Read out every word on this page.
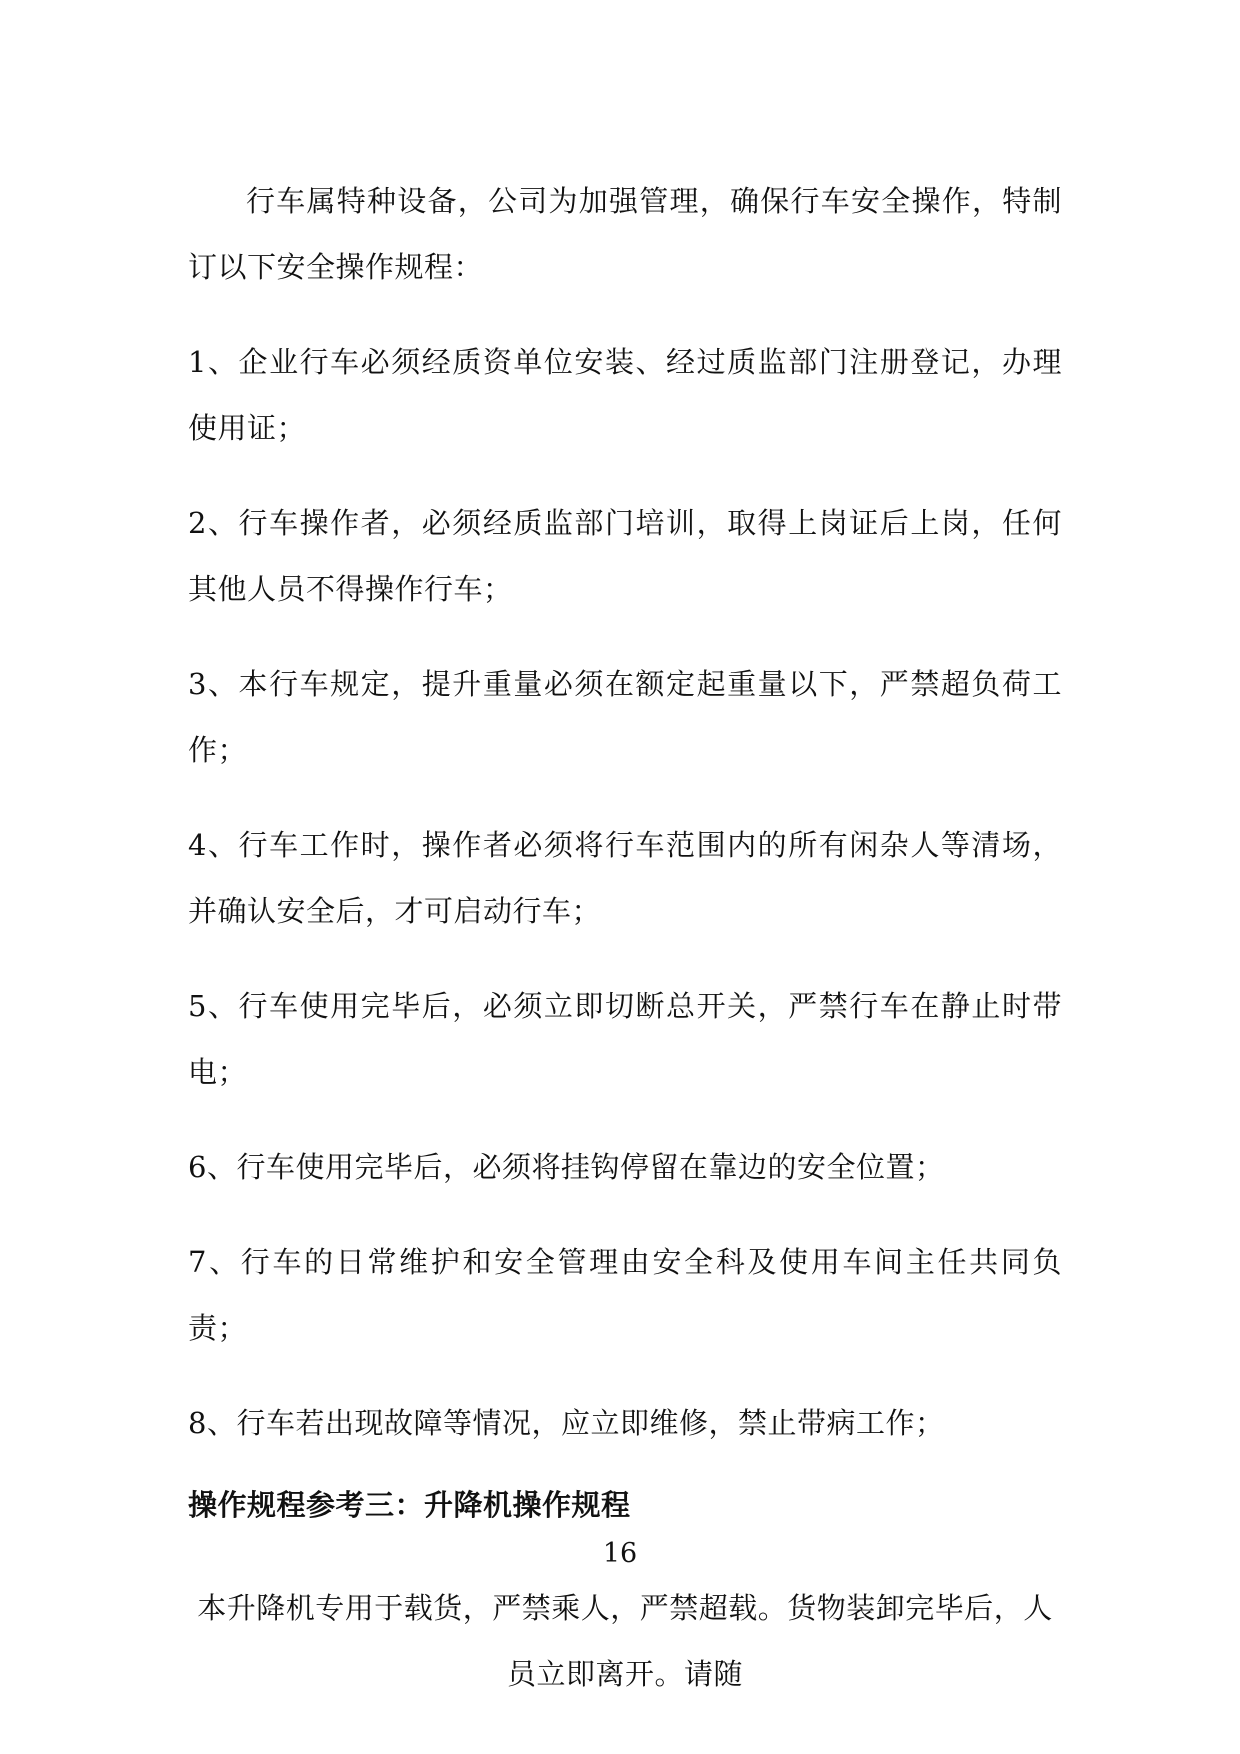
行车属特种设备，公司为加强管理，确保行车安全操作，特制订以下安全操作规程：

1、企业行车必须经质资单位安装、经过质监部门注册登记，办理使用证；

2、行车操作者，必须经质监部门培训，取得上岗证后上岗，任何其他人员不得操作行车；

3、本行车规定，提升重量必须在额定起重量以下，严禁超负荷工作；

4、行车工作时，操作者必须将行车范围内的所有闲杂人等清场，并确认安全后，才可启动行车；

5、行车使用完毕后，必须立即切断总开关，严禁行车在静止时带电；

6、行车使用完毕后，必须将挂钩停留在靠边的安全位置；

7、行车的日常维护和安全管理由安全科及使用车间主任共同负责；

8、行车若出现故障等情况，应立即维修，禁止带病工作；

操作规程参考三：升降机操作规程

本升降机专用于载货，严禁乘人，严禁超载。货物装卸完毕后，人员立即离开。请随

16
